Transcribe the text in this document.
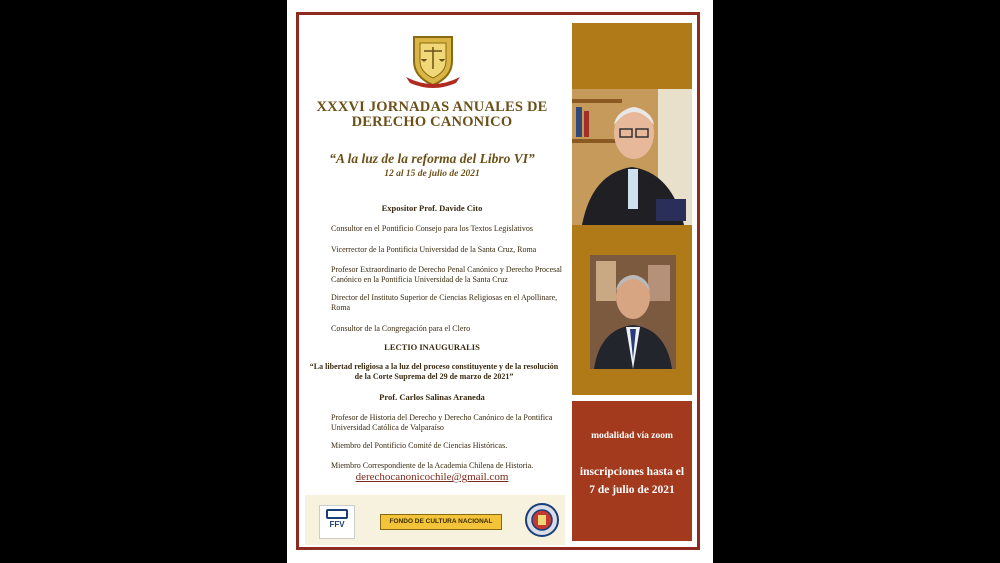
XXXVI JORNADAS ANUALES DE
DERECHO CANONICO
“A la luz de la reforma del Libro VI”
12 al 15 de julio de 2021
Expositor Prof. Davide Cito
Consultor en el Pontificio Consejo para los Textos Legislativos
Vicerrector de la Pontificia Universidad de la Santa Cruz, Roma
Profesor Extraordinario de Derecho Penal Canónico y Derecho Procesal Canónico en la Pontificia Universidad de la Santa Cruz
Director del Instituto Superior de Ciencias Religiosas en el Apollinare, Roma
Consultor de la Congregación para el Clero
LECTIO INAUGURALIS
“La libertad religiosa a la luz del proceso constituyente y de la resolución de la Corte Suprema del 29 de marzo de 2021”
Prof. Carlos Salinas Araneda
Profesor de Historia del Derecho y Derecho Canónico de la Pontifica Universidad Católica de Valparaíso
Miembro del Pontificio Comité de Ciencias Históricas.
Miembro Correspondiente de la Academia Chilena de Historia.
derechocanonicochile@gmail.com
FFV	FONDO DE CULTURA NACIONAL
modalidad vía zoom
inscripciones hasta el
7 de julio de 2021
